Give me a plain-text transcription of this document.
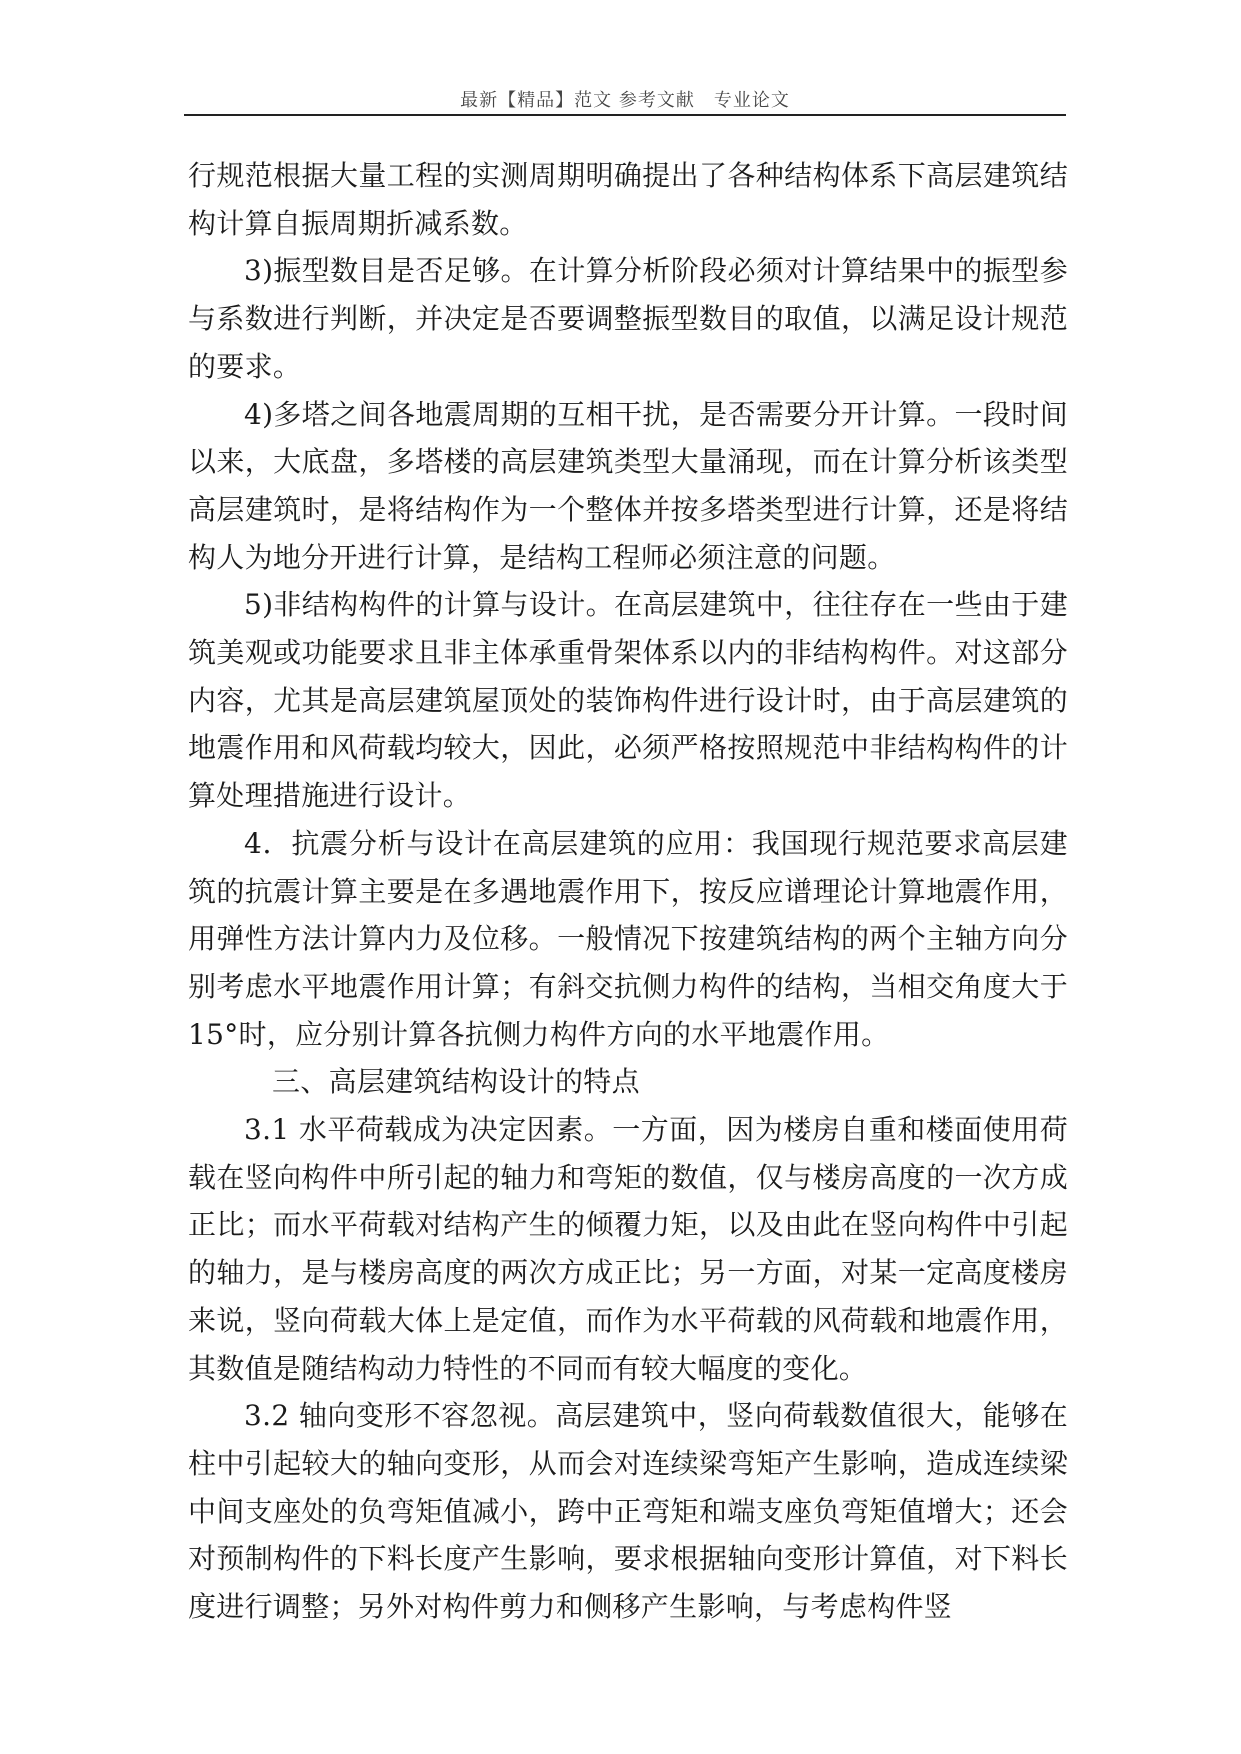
最新【精品】范文 参考文献　专业论文

行规范根据大量工程的实测周期明确提出了各种结构体系下高层建筑结构计算自振周期折减系数。

3)振型数目是否足够。在计算分析阶段必须对计算结果中的振型参与系数进行判断，并决定是否要调整振型数目的取值，以满足设计规范的要求。

4)多塔之间各地震周期的互相干扰，是否需要分开计算。一段时间以来，大底盘，多塔楼的高层建筑类型大量涌现，而在计算分析该类型高层建筑时，是将结构作为一个整体并按多塔类型进行计算，还是将结构人为地分开进行计算，是结构工程师必须注意的问题。

5)非结构构件的计算与设计。在高层建筑中，往往存在一些由于建筑美观或功能要求且非主体承重骨架体系以内的非结构构件。对这部分内容，尤其是高层建筑屋顶处的装饰构件进行设计时，由于高层建筑的地震作用和风荷载均较大，因此，必须严格按照规范中非结构构件的计算处理措施进行设计。

4．抗震分析与设计在高层建筑的应用：我国现行规范要求高层建筑的抗震计算主要是在多遇地震作用下，按反应谱理论计算地震作用，用弹性方法计算内力及位移。一般情况下按建筑结构的两个主轴方向分别考虑水平地震作用计算；有斜交抗侧力构件的结构，当相交角度大于15°时，应分别计算各抗侧力构件方向的水平地震作用。

三、高层建筑结构设计的特点

3.1 水平荷载成为决定因素。一方面，因为楼房自重和楼面使用荷载在竖向构件中所引起的轴力和弯矩的数值，仅与楼房高度的一次方成正比；而水平荷载对结构产生的倾覆力矩，以及由此在竖向构件中引起的轴力，是与楼房高度的两次方成正比；另一方面，对某一定高度楼房来说，竖向荷载大体上是定值，而作为水平荷载的风荷载和地震作用，其数值是随结构动力特性的不同而有较大幅度的变化。

3.2 轴向变形不容忽视。高层建筑中，竖向荷载数值很大，能够在柱中引起较大的轴向变形，从而会对连续梁弯矩产生影响，造成连续梁中间支座处的负弯矩值减小，跨中正弯矩和端支座负弯矩值增大；还会对预制构件的下料长度产生影响，要求根据轴向变形计算值，对下料长度进行调整；另外对构件剪力和侧移产生影响，与考虑构件竖
